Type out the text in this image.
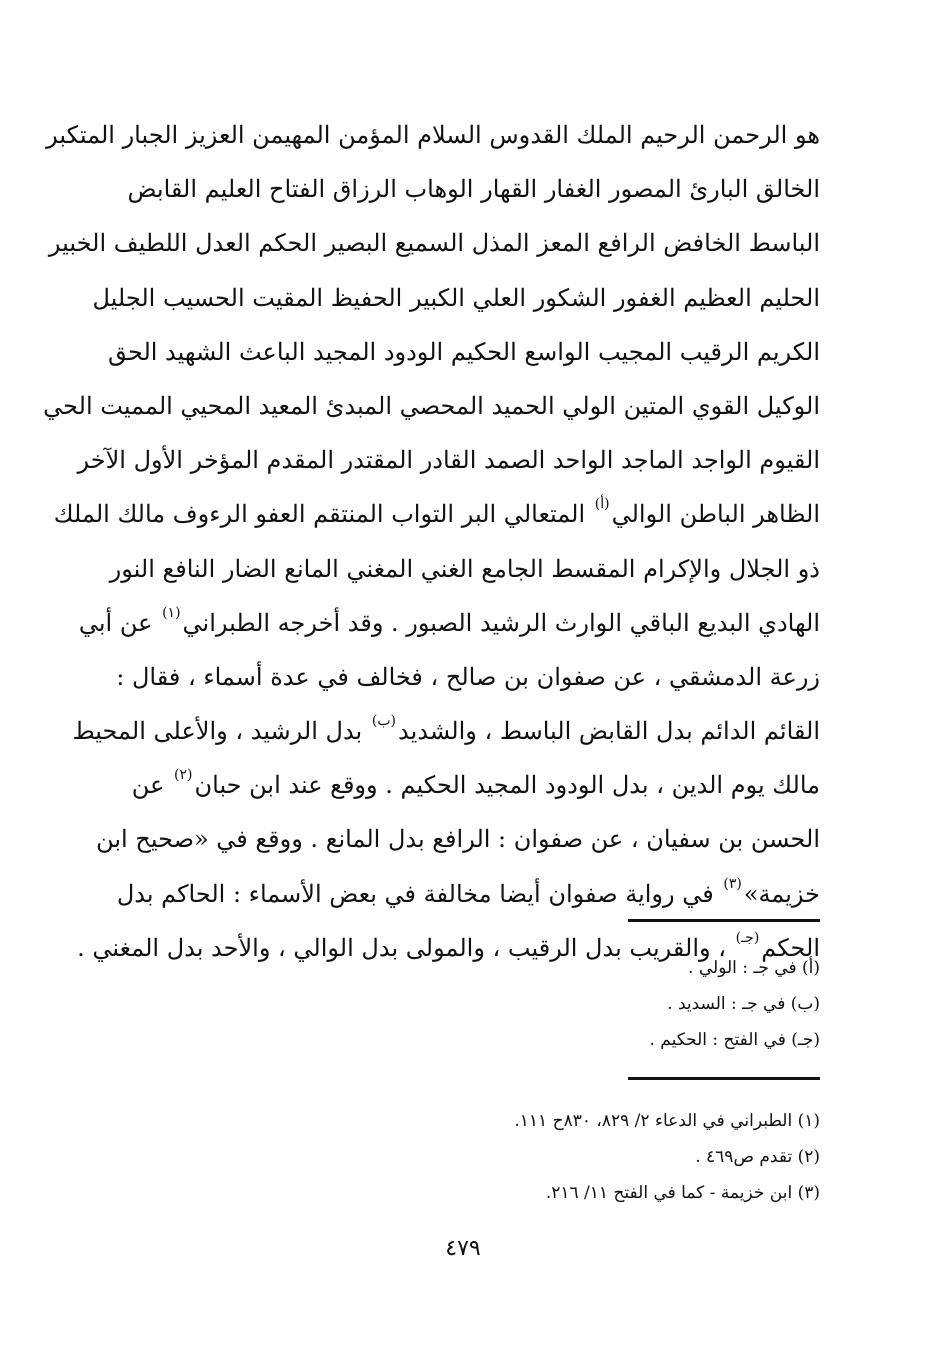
هو الرحمن الرحيم الملك القدوس السلام المؤمن المهيمن العزيز الجبار المتكبر
الخالق البارئ المصور الغفار القهار الوهاب الرزاق الفتاح العليم القابض
الباسط الخافض الرافع المعز المذل السميع البصير الحكم العدل اللطيف الخبير
الحليم العظيم الغفور الشكور العلي الكبير الحفيظ المقيت الحسيب الجليل
الكريم الرقيب المجيب الواسع الحكيم الودود المجيد الباعث الشهيد الحق
الوكيل القوي المتين الولي الحميد المحصي المبدئ المعيد المحيي المميت الحي
القيوم الواجد الماجد الواحد الصمد القادر المقتدر المقدم المؤخر الأول الآخر
الظاهر الباطن الوالي$^{(أ)}$ المتعالي البر التواب المنتقم العفو الرءوف مالك الملك
ذو الجلال والإكرام المقسط الجامع الغني المغني المانع الضار النافع النور
الهادي البديع الباقي الوارث الرشيد الصبور . وقد أخرجه الطبراني$^{(١)}$ عن أبي
زرعة الدمشقي ، عن صفوان بن صالح ، فخالف في عدة أسماء ، فقال :
القائم الدائم بدل القابض الباسط ، والشديد$^{(ب)}$ بدل الرشيد ، والأعلى المحيط
مالك يوم الدين ، بدل الودود المجيد الحكيم . ووقع عند ابن حبان$^{(٢)}$ عن
الحسن بن سفيان ، عن صفوان : الرافع بدل المانع . ووقع في «صحيح ابن
خزيمة»$^{(٣)}$ في رواية صفوان أيضا مخالفة في بعض الأسماء : الحاكم بدل
الحكم$^{(جـ)}$ ، والقريب بدل الرقيب ، والمولى بدل الوالي ، والأحد بدل المغني .
(أ) في جـ : الولي .
(ب) في جـ : السديد .
(جـ) في الفتح : الحكيم .
(١) الطبراني في الدعاء ٢/ ٨٢٩، ٨٣٠ح ١١١.
(٢) تقدم ص٤٦٩ .
(٣) ابن خزيمة - كما في الفتح ١١/ ٢١٦.
٤٧٩
